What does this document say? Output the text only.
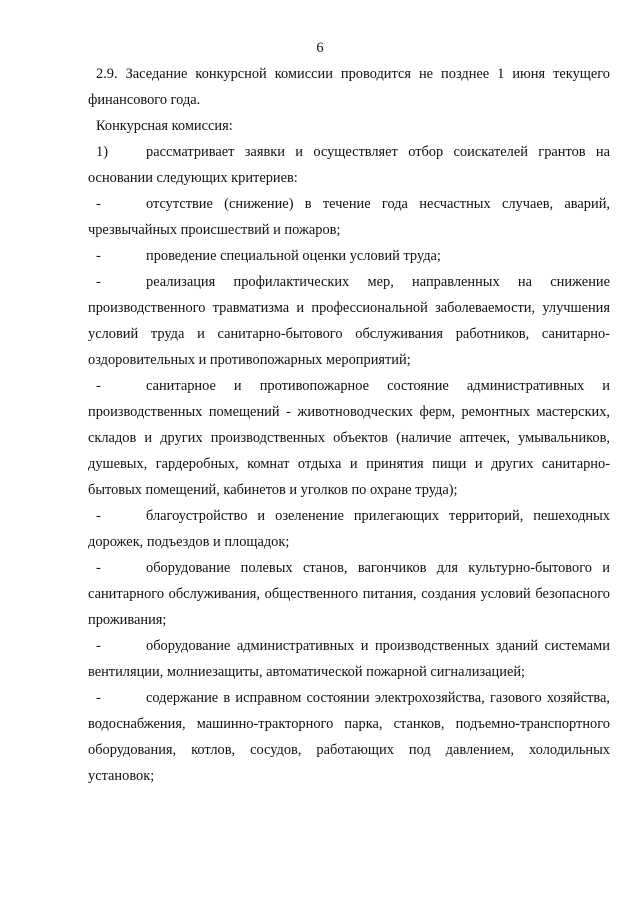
6

2.9. Заседание конкурсной комиссии проводится не позднее 1 июня текущего финансового года.

Конкурсная комиссия:

1)	рассматривает заявки и осуществляет отбор соискателей грантов на основании следующих критериев:

-	отсутствие (снижение) в течение года несчастных случаев, аварий, чрезвычайных происшествий и пожаров;

-	проведение специальной оценки условий труда;

-	реализация профилактических мер, направленных на снижение производственного травматизма и профессиональной заболеваемости, улучшения условий труда и санитарно-бытового обслуживания работников, санитарно-оздоровительных и противопожарных мероприятий;

-	санитарное и противопожарное состояние административных и производственных помещений - животноводческих ферм, ремонтных мастерских, складов и других производственных объектов (наличие аптечек, умывальников, душевых, гардеробных, комнат отдыха и принятия пищи и других санитарно-бытовых помещений, кабинетов и уголков по охране труда);

-	благоустройство и озеленение прилегающих территорий, пешеходных дорожек, подъездов и площадок;

-	оборудование полевых станов, вагончиков для культурно-бытового и санитарного обслуживания, общественного питания, создания условий безопасного проживания;

-	оборудование административных и производственных зданий системами вентиляции, молниезащиты, автоматической пожарной сигнализацией;

-	содержание в исправном состоянии электрохозяйства, газового хозяйства, водоснабжения, машинно-тракторного парка, станков, подъемно-транспортного оборудования, котлов, сосудов, работающих под давлением, холодильных установок;
